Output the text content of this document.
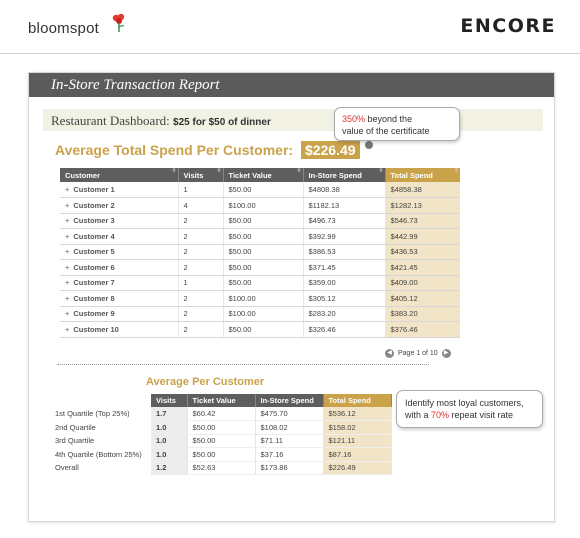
bloomspot	ENCORE
In-Store Transaction Report
Restaurant Dashboard: $25 for $50 of dinner
Average Total Spend Per Customer: $226.49
350% beyond the
value of the certificate
Customer ◊	Visits ◊	Ticket Value ◊	In-Store Spend ◊	Total Spend ◊

+ Customer 1	1	$50.00	$4808.38	$4858.38
+ Customer 2	4	$100.00	$1182.13	$1282.13
+ Customer 3	2	$50.00	$496.73	$546.73
+ Customer 4	2	$50.00	$392.99	$442.99
+ Customer 5	2	$50.00	$386.53	$436.53
+ Customer 6	2	$50.00	$371.45	$421.45
+ Customer 7	1	$50.00	$359.00	$409.00
+ Customer 8	2	$100.00	$305.12	$405.12
+ Customer 9	2	$100.00	$283.20	$383.20
+ Customer 10	2	$50.00	$326.46	$376.46
◀ Page 1 of 10 ▶
Average Per Customer
	Visits	Ticket Value	In-Store Spend	Total Spend
1st Quartile (Top 25%)	1.7	$60.42	$475.70	$536.12
2nd Quartile	1.0	$50.00	$108.02	$158.02
3rd Quartile	1.0	$50.00	$71.11	$121.11
4th Quartile (Bottom 25%)	1.0	$50.00	$37.16	$87.16
Overall	1.2	$52.63	$173.86	$226.49
Identify most loyal customers,
with a 70% repeat visit rate
